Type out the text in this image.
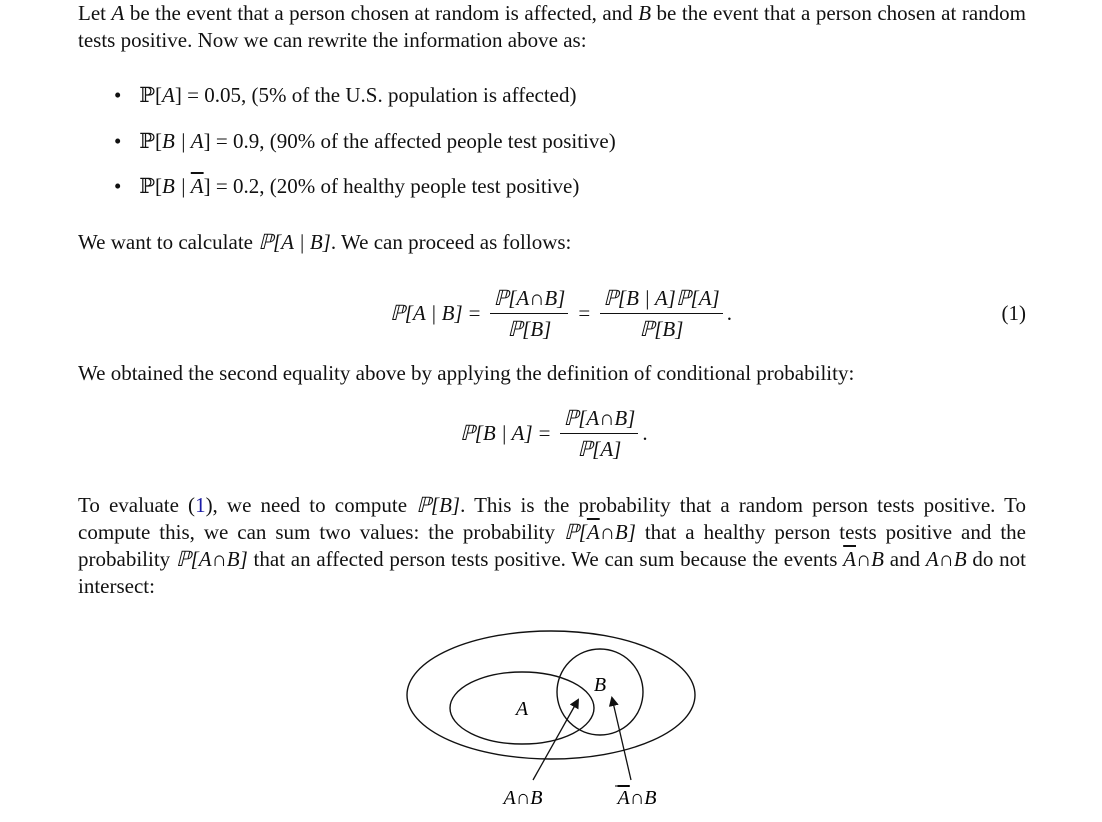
Let A be the event that a person chosen at random is affected, and B be the event that a person chosen at random tests positive. Now we can rewrite the information above as:

• ℙ[A] = 0.05, (5% of the U.S. population is affected)
• ℙ[B | A] = 0.9, (90% of the affected people test positive)
• ℙ[B | $\overline{A}] = 0.2$, (20% of healthy people test positive)

We want to calculate ℙ[A | B]. We can proceed as follows:

ℙ[A | $B] = \frac{\text{ℙ[A∩B]}}{\text{ℙ[B]}} = \frac{\text{ℙ[B | A]ℙ[A]}}{\text{ℙ[B]}}$ .	(1)

We obtained the second equality above by applying the definition of conditional probability:

ℙ[B | $A] = \frac{\text{ℙ[A∩B]}}{\text{ℙ[A]}}$ .

To evaluate (1), we need to compute ℙ[B]. This is the probability that a random person tests positive. To compute this, we can sum two values: the probability $ℙ[\overline{A}\cap B]$ that a healthy person tests positive and the probability ℙ[A∩B] that an affected person tests positive. We can sum because the events $\overline{A}\cap B$ and A∩B do not intersect:

A
B
A∩B	A∩B
